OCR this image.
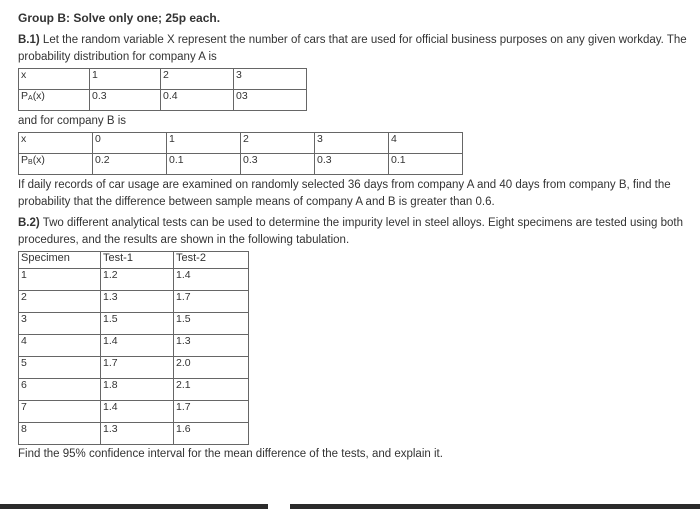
Group B: Solve only one; 25p each.

B.1) Let the random variable X represent the number of cars that are used for official business purposes on any given workday. The probability distribution for company A is

x	1	2	3
$P_A(x)$	0.3	0.4	03

and for company B is

x	0	1	2	3	4
$P_B(x)$	0.2	0.1	0.3	0.3	0.1

If daily records of car usage are examined on randomly selected 36 days from company A and 40 days from company B, find the probability that the difference between sample means of company A and B is greater than 0.6.

B.2) Two different analytical tests can be used to determine the impurity level in steel alloys. Eight specimens are tested using both procedures, and the results are shown in the following tabulation.

Specimen	Test-1	Test-2
1	1.2	1.4
2	1.3	1.7
3	1.5	1.5
4	1.4	1.3
5	1.7	2.0
6	1.8	2.1
7	1.4	1.7
8	1.3	1.6

Find the 95% confidence interval for the mean difference of the tests, and explain it.
